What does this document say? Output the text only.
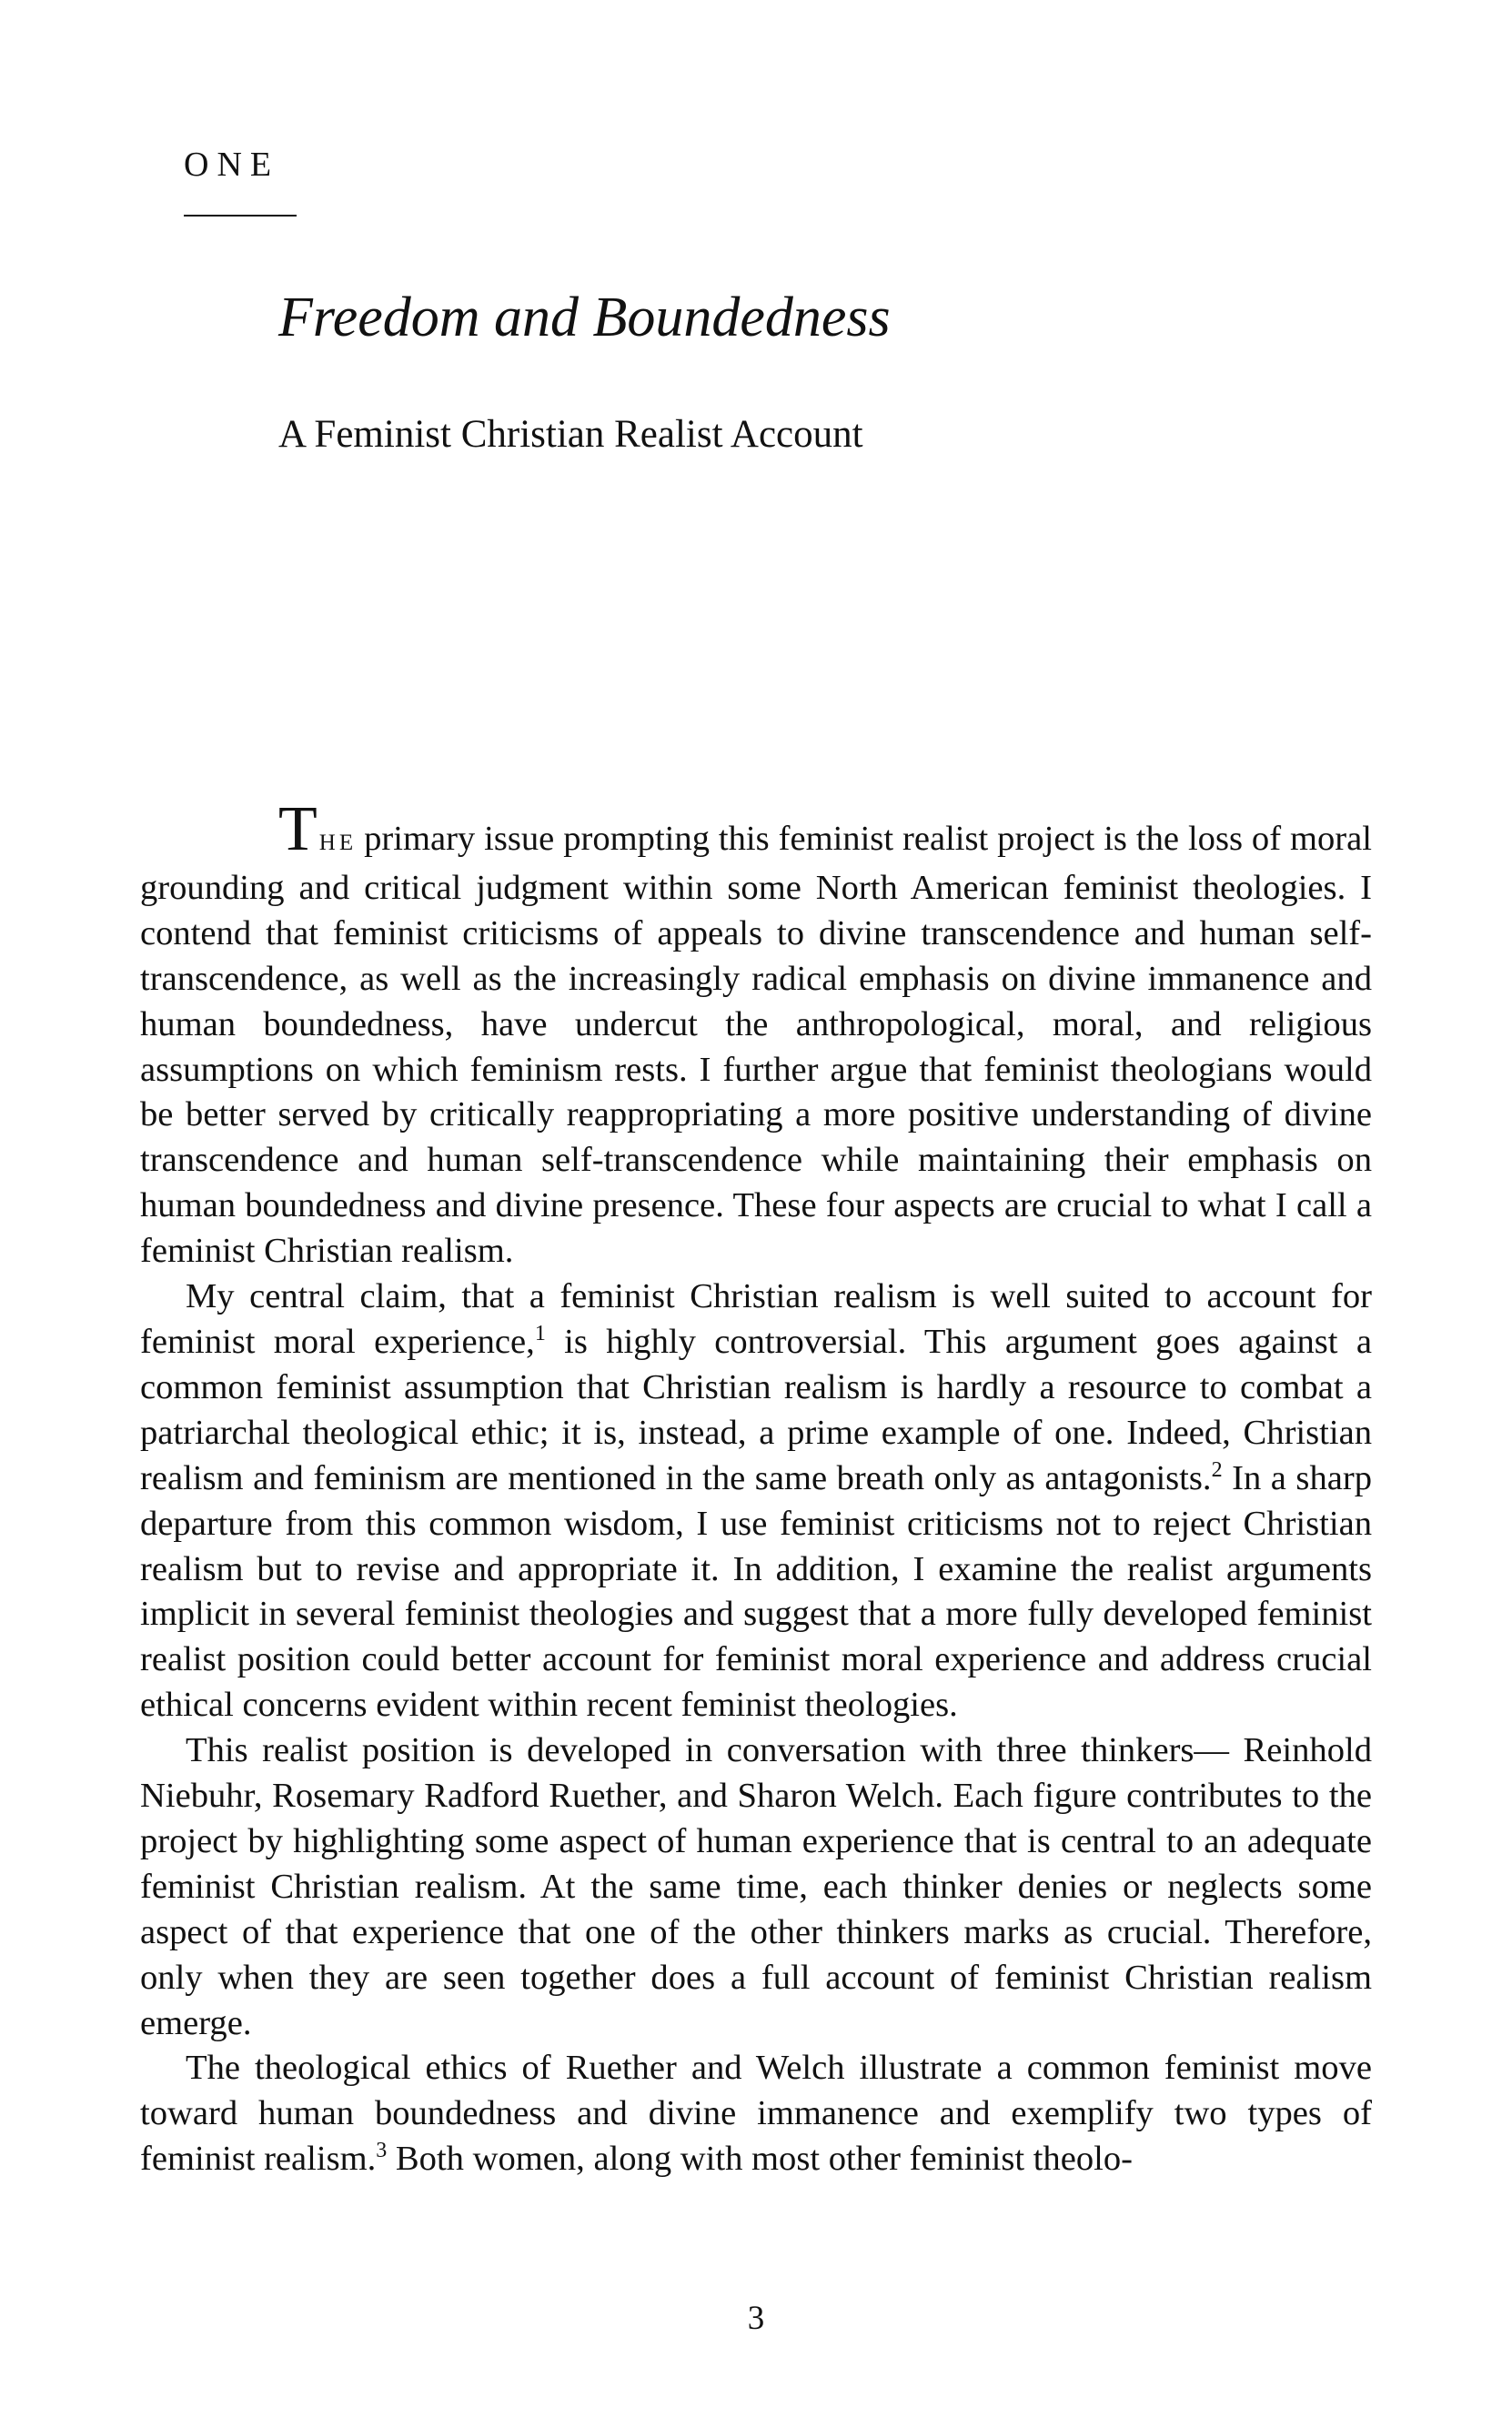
ONE
Freedom and Boundedness
A Feminist Christian Realist Account

THE primary issue prompting this feminist realist project is the loss of moral grounding and critical judgment within some North American feminist theologies. I contend that feminist criticisms of appeals to divine transcendence and human self-transcendence, as well as the increasingly radical emphasis on divine immanence and human boundedness, have undercut the anthropological, moral, and religious assumptions on which feminism rests. I further argue that feminist theologians would be better served by critically reappropriating a more positive understanding of divine transcendence and human self-transcendence while maintaining their emphasis on human boundedness and divine presence. These four aspects are crucial to what I call a feminist Christian realism.

My central claim, that a feminist Christian realism is well suited to account for feminist moral experience,$^1$ is highly controversial. This argument goes against a common feminist assumption that Christian realism is hardly a resource to combat a patriarchal theological ethic; it is, instead, a prime example of one. Indeed, Christian realism and feminism are mentioned in the same breath only as antagonists.$^2$ In a sharp departure from this common wisdom, I use feminist criticisms not to reject Christian realism but to revise and appropriate it. In addition, I examine the realist arguments implicit in several feminist theologies and suggest that a more fully developed feminist realist position could better account for feminist moral experience and address crucial ethical concerns evident within recent feminist theologies.

This realist position is developed in conversation with three thinkers— Reinhold Niebuhr, Rosemary Radford Ruether, and Sharon Welch. Each figure contributes to the project by highlighting some aspect of human experience that is central to an adequate feminist Christian realism. At the same time, each thinker denies or neglects some aspect of that experience that one of the other thinkers marks as crucial. Therefore, only when they are seen together does a full account of feminist Christian realism emerge.

The theological ethics of Ruether and Welch illustrate a common feminist move toward human boundedness and divine immanence and exemplify two types of feminist realism.$^3$ Both women, along with most other feminist theolo-

3
